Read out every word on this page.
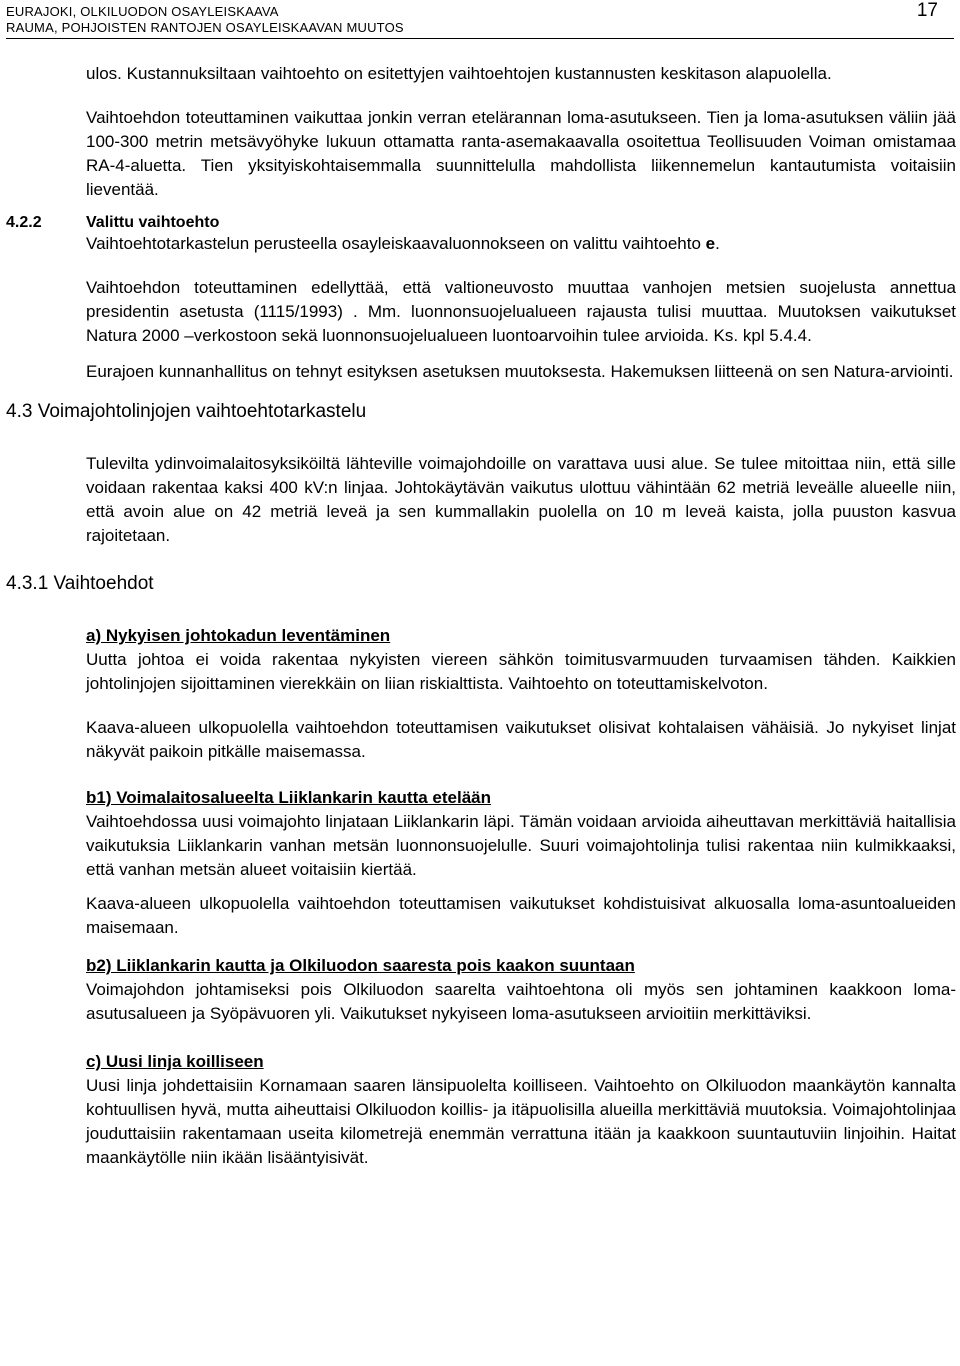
EURAJOKI, OLKILUODON OSAYLEISKAAVA
RAUMA, POHJOISTEN RANTOJEN OSAYLEISKAAVAN MUUTOS
17

ulos. Kustannuksiltaan vaihtoehto on esitettyjen vaihtoehtojen kustannusten keskitason alapuolella.

Vaihtoehdon toteuttaminen vaikuttaa jonkin verran etelärannan loma-asutukseen. Tien ja loma-asutuksen väliin jää 100-300 metrin metsävyöhyke lukuun ottamatta ranta-asemakaavalla osoitettua Teollisuuden Voiman omistamaa RA-4-aluetta. Tien yksityiskohtaisemmalla suunnittelulla mahdollista liikennemelun kantautumista voitaisiin lieventää.

4.2.2	Valittu vaihtoehto

Vaihtoehtotarkastelun perusteella osayleiskaavaluonnokseen on valittu vaihtoehto e.

Vaihtoehdon toteuttaminen edellyttää, että valtioneuvosto muuttaa vanhojen metsien suojelusta annettua presidentin asetusta (1115/1993) . Mm. luonnonsuojelualueen rajausta tulisi muuttaa. Muutoksen vaikutukset Natura 2000 –verkostoon sekä luonnonsuojelualueen luontoarvoihin tulee arvioida. Ks. kpl 5.4.4.

Eurajoen kunnanhallitus on tehnyt esityksen asetuksen muutoksesta. Hakemuksen liitteenä on sen Natura-arviointi.

4.3 Voimajohtolinjojen vaihtoehtotarkastelu

Tulevilta ydinvoimalaitosyksiköiltä lähteville voimajohdoille on varattava uusi alue. Se tulee mitoittaa niin, että sille voidaan rakentaa kaksi 400 kV:n linjaa. Johtokäytävän vaikutus ulottuu vähintään 62 metriä leveälle alueelle niin, että avoin alue on 42 metriä leveä ja sen kummallakin puolella on 10 m leveä kaista, jolla puuston kasvua rajoitetaan.

4.3.1 Vaihtoehdot

a) Nykyisen johtokadun leventäminen

Uutta johtoa ei voida rakentaa nykyisten viereen sähkön toimitusvarmuuden turvaamisen tähden. Kaikkien johtolinjojen sijoittaminen vierekkäin on liian riskialttista. Vaihtoehto on toteuttamiskelvoton.

Kaava-alueen ulkopuolella vaihtoehdon toteuttamisen vaikutukset olisivat kohtalaisen vähäisiä. Jo nykyiset linjat näkyvät paikoin pitkälle maisemassa.

b1) Voimalaitosalueelta Liiklankarin kautta etelään

Vaihtoehdossa uusi voimajohto linjataan Liiklankarin läpi. Tämän voidaan arvioida aiheuttavan merkittäviä haitallisia vaikutuksia Liiklankarin vanhan metsän luonnonsuojelulle. Suuri voimajohtolinja tulisi rakentaa niin kulmikkaaksi, että vanhan metsän alueet voitaisiin kiertää.

Kaava-alueen ulkopuolella vaihtoehdon toteuttamisen vaikutukset kohdistuisivat alkuosalla loma-asuntoalueiden maisemaan.

b2) Liiklankarin kautta ja Olkiluodon saaresta pois kaakon suuntaan

Voimajohdon johtamiseksi pois Olkiluodon saarelta vaihtoehtona oli myös sen johtaminen kaakkoon loma-asutusalueen ja Syöpävuoren yli. Vaikutukset nykyiseen loma-asutukseen arvioitiin merkittäviksi.

c) Uusi linja koilliseen

Uusi linja johdettaisiin Kornamaan saaren länsipuolelta koilliseen. Vaihtoehto on Olkiluodon maankäytön kannalta kohtuullisen hyvä, mutta aiheuttaisi Olkiluodon koillis- ja itäpuolisilla alueilla merkittäviä muutoksia. Voimajohtolinjaa jouduttaisiin rakentamaan useita kilometrejä enemmän verrattuna itään ja kaakkoon suuntautuviin linjoihin. Haitat maankäytölle niin ikään lisääntyisivät.
